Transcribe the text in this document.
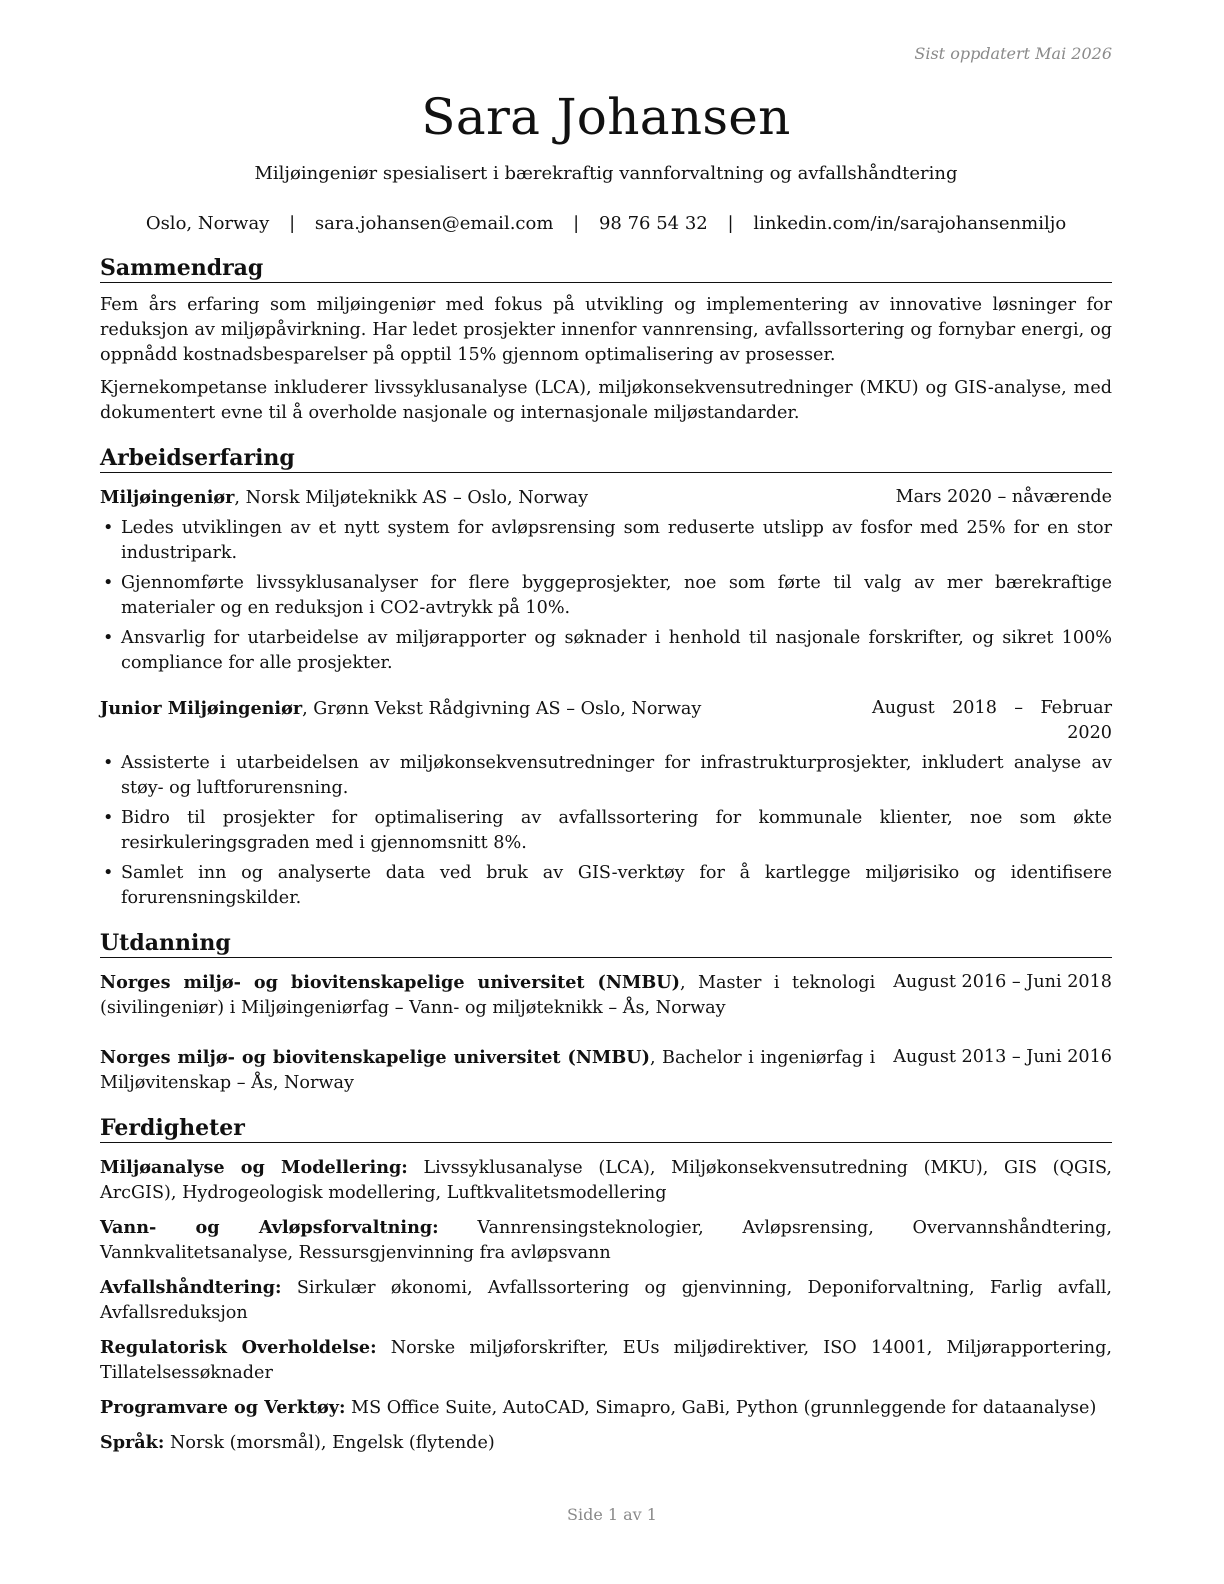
Sist oppdatert Mai 2026
Sara Johansen
Miljøingeniør spesialisert i bærekraftig vannforvaltning og avfallshåndtering
Oslo, Norway | sara.johansen@email.com | 98 76 54 32 | linkedin.com/in/sarajohansenmiljo
Sammendrag

Fem års erfaring som miljøingeniør med fokus på utvikling og implementering av innovative løsninger for reduksjon av miljøpåvirkning. Har ledet prosjekter innenfor vannrensing, avfallssortering og fornybar energi, og oppnådd kostnadsbesparelser på opptil 15% gjennom optimalisering av prosesser.

Kjernekompetanse inkluderer livssyklusanalyse (LCA), miljøkonsekvensutredninger (MKU) og GIS-analyse, med dokumentert evne til å overholde nasjonale og internasjonale miljøstandarder.

Arbeidserfaring
Miljøingeniør, Norsk Miljøteknikk AS – Oslo, Norway	Mars 2020 – nåværende
• Ledes utviklingen av et nytt system for avløpsrensing som reduserte utslipp av fosfor med 25% for en stor industripark.
• Gjennomførte livssyklusanalyser for flere byggeprosjekter, noe som førte til valg av mer bærekraftige materialer og en reduksjon i CO2-avtrykk på 10%.
• Ansvarlig for utarbeidelse av miljørapporter og søknader i henhold til nasjonale forskrifter, og sikret 100% compliance for alle prosjekter.
Junior Miljøingeniør, Grønn Vekst Rådgivning AS – Oslo, Norway	August 2018 – Februar 2020
• Assisterte i utarbeidelsen av miljøkonsekvensutredninger for infrastrukturprosjekter, inkludert analyse av støy- og luftforurensning.
• Bidro til prosjekter for optimalisering av avfallssortering for kommunale klienter, noe som økte resirkuleringsgraden med i gjennomsnitt 8%.
• Samlet inn og analyserte data ved bruk av GIS-verktøy for å kartlegge miljørisiko og identifisere forurensningskilder.
Utdanning
Norges miljø- og biovitenskapelige universitet (NMBU), Master i teknologi (sivilingeniør) i Miljøingeniørfag – Vann- og miljøteknikk – Ås, Norway
August 2016 – Juni 2018
Norges miljø- og biovitenskapelige universitet (NMBU), Bachelor i ingeniørfag i Miljøvitenskap – Ås, Norway
August 2013 – Juni 2016
Ferdigheter

Miljøanalyse og Modellering: Livssyklusanalyse (LCA), Miljøkonsekvensutredning (MKU), GIS (QGIS, ArcGIS), Hydrogeologisk modellering, Luftkvalitetsmodellering

Vann- og Avløpsforvaltning: Vannrensingsteknologier, Avløpsrensing, Overvannshåndtering, Vannkvalitetsanalyse, Ressursgjenvinning fra avløpsvann

Avfallshåndtering: Sirkulær økonomi, Avfallssortering og gjenvinning, Deponiforvaltning, Farlig avfall, Avfallsreduksjon

Regulatorisk Overholdelse: Norske miljøforskrifter, EUs miljødirektiver, ISO 14001, Miljørapportering, Tillatelsessøknader

Programvare og Verktøy: MS Office Suite, AutoCAD, Simapro, GaBi, Python (grunnleggende for dataanalyse)

Språk: Norsk (morsmål), Engelsk (flytende)

Side 1 av 1
